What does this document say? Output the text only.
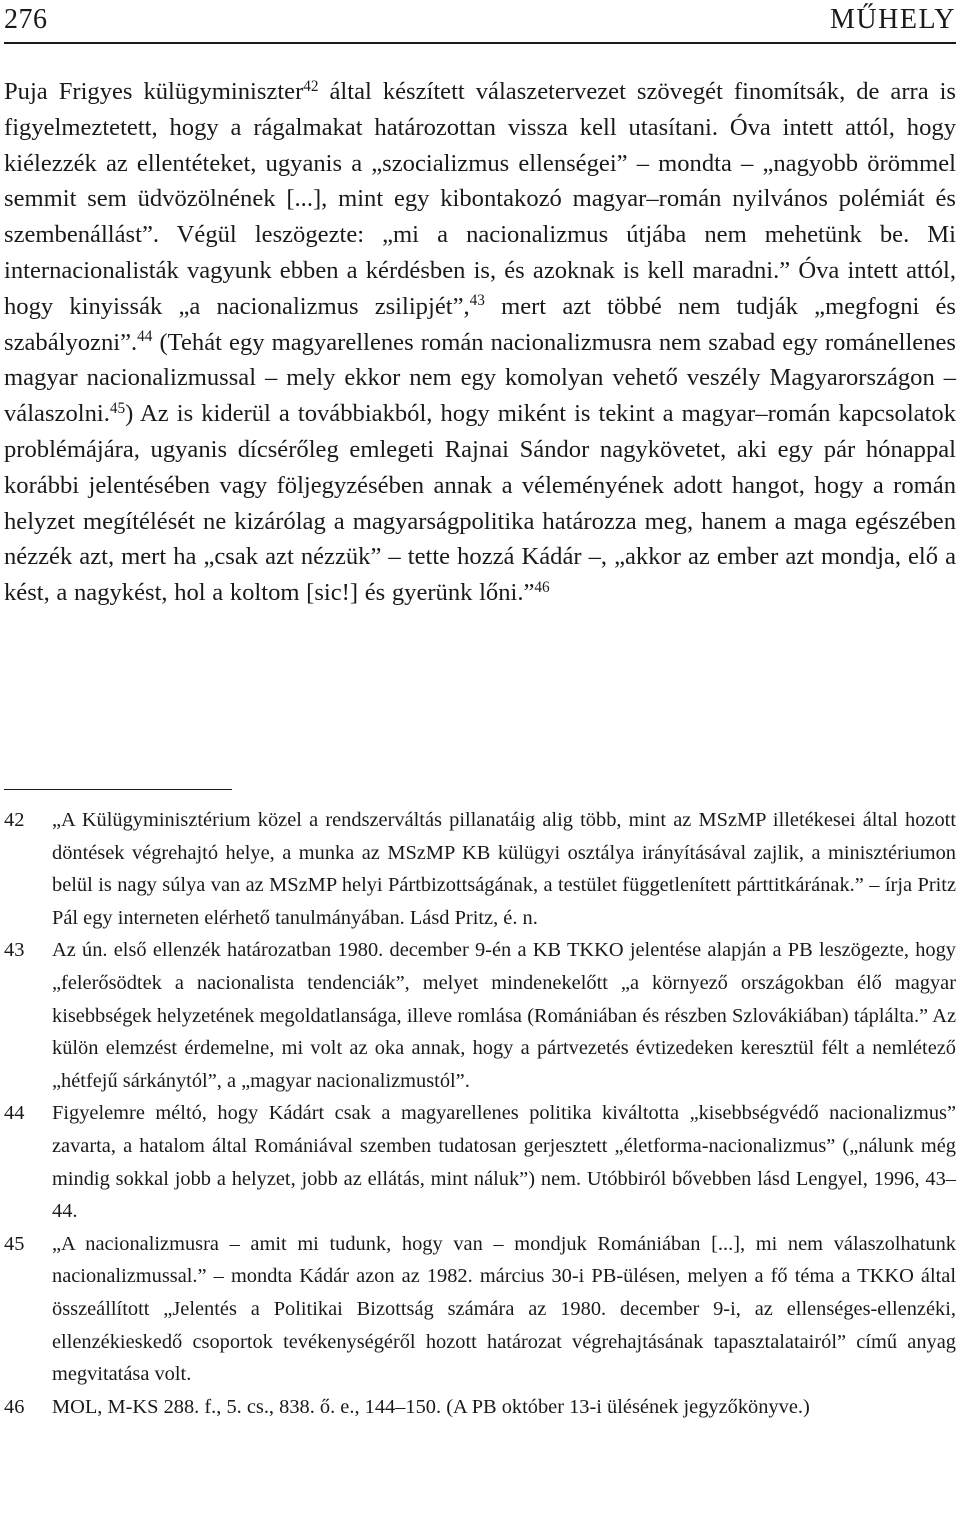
276	MŰHELY

Puja Frigyes külügyminiszter$^{42}$ által készített válaszetervezet szövegét finomítsák, de arra is figyelmeztetett, hogy a rágalmakat határozottan vissza kell utasítani. Óva intett attól, hogy kiélezzék az ellentéteket, ugyanis a „szocializmus ellenségei” – mondta – „nagyobb örömmel semmit sem üdvözölnének [...], mint egy kibontakozó magyar–román nyilvános polémiát és szembenállást”. Végül leszögezte: „mi a nacionalizmus útjába nem mehetünk be. Mi internacionalisták vagyunk ebben a kérdésben is, és azoknak is kell maradni.” Óva intett attól, hogy kinyissák „a nacionalizmus zsilipjét”,$^{43}$ mert azt többé nem tudják „megfogni és szabályozni”.$^{44}$ (Tehát egy magyarellenes román nacionalizmusra nem szabad egy románellenes magyar nacionalizmussal – mely ekkor nem egy komolyan vehető veszély Magyarországon – válaszolni.$^{45}$) Az is kiderül a továbbiakból, hogy miként is tekint a magyar–román kapcsolatok problémájára, ugyanis dícsérőleg emlegeti Rajnai Sándor nagykövetet, aki egy pár hónappal korábbi jelentésében vagy följegyzésében annak a véleményének adott hangot, hogy a román helyzet megítélését ne kizárólag a magyarságpolitika határozza meg, hanem a maga egészében nézzék azt, mert ha „csak azt nézzük” – tette hozzá Kádár –, „akkor az ember azt mondja, elő a kést, a nagykést, hol a koltom [sic!] és gyerünk lőni.”$^{46}$

42	„A Külügyminisztérium közel a rendszerváltás pillanatáig alig több, mint az MSzMP illetékesei által hozott döntések végrehajtó helye, a munka az MSzMP KB külügyi osztálya irányításával zajlik, a minisztériumon belül is nagy súlya van az MSzMP helyi Pártbizottságának, a testület függetlenített párttitkárának.” – írja Pritz Pál egy interneten elérhető tanulmányában. Lásd Pritz, é. n.
43	Az ún. első ellenzék határozatban 1980. december 9-én a KB TKKO jelentése alapján a PB leszögezte, hogy „felerősödtek a nacionalista tendenciák”, melyet mindenekelőtt „a környező országokban élő magyar kisebbségek helyzetének megoldatlansága, illeve romlása (Romániában és részben Szlovákiában) táplálta.” Az külön elemzést érdemelne, mi volt az oka annak, hogy a pártvezetés évtizedeken keresztül félt a nemlétező „hétfejű sárkánytól”, a „magyar nacionalizmustól”.
44	Figyelemre méltó, hogy Kádárt csak a magyarellenes politika kiváltotta „kisebbségvédő nacionalizmus” zavarta, a hatalom által Romániával szemben tudatosan gerjesztett „életforma-nacionalizmus” („nálunk még mindig sokkal jobb a helyzet, jobb az ellátás, mint náluk”) nem. Utóbbiról bővebben lásd Lengyel, 1996, 43–44.
45	„A nacionalizmusra – amit mi tudunk, hogy van – mondjuk Romániában [...], mi nem válaszolhatunk nacionalizmussal.” – mondta Kádár azon az 1982. március 30-i PB-ülésen, melyen a fő téma a TKKO által összeállított „Jelentés a Politikai Bizottság számára az 1980. december 9-i, az ellenséges-ellenzéki, ellenzékieskedő csoportok tevékenységéről hozott határozat végrehajtásának tapasztalatairól” című anyag megvitatása volt.
46	MOL, M-KS 288. f., 5. cs., 838. ő. e., 144–150. (A PB október 13-i ülésének jegyzőkönyve.)
